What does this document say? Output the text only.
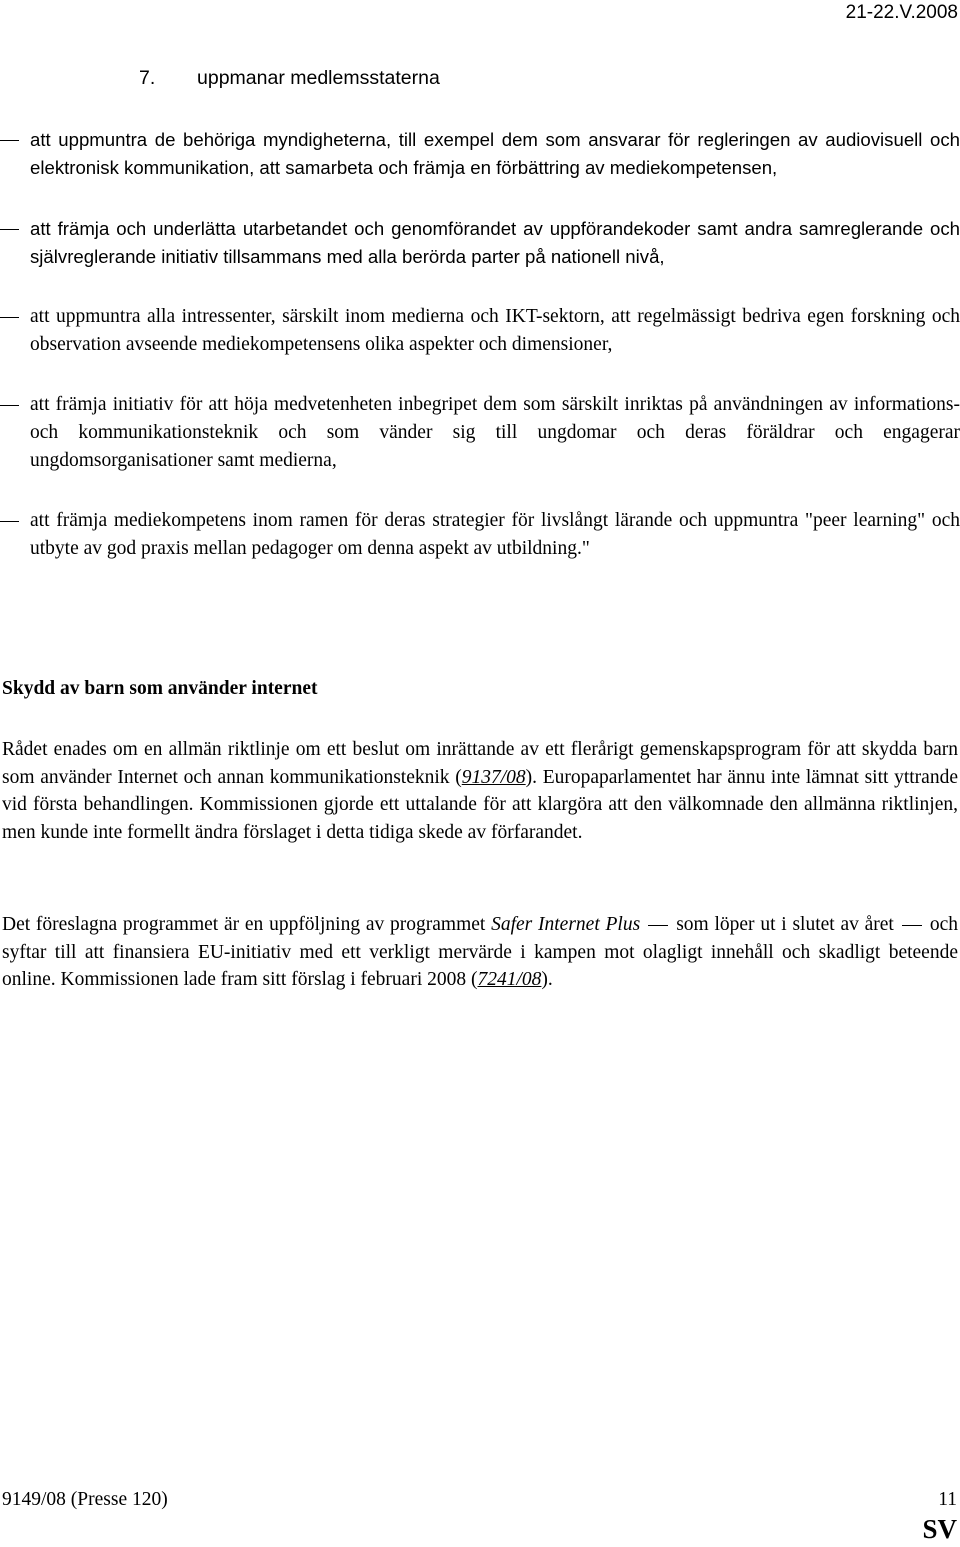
21-22.V.2008
7. uppmanar medlemsstaterna
att uppmuntra de behöriga myndigheterna, till exempel dem som ansvarar för regleringen av audiovisuell och elektronisk kommunikation, att samarbeta och främja en förbättring av mediekompetensen,
att främja och underlätta utarbetandet och genomförandet av uppförandekoder samt andra samreglerande och självreglerande initiativ tillsammans med alla berörda parter på nationell nivå,
att uppmuntra alla intressenter, särskilt inom medierna och IKT-sektorn, att regelmässigt bedriva egen forskning och observation avseende mediekompetensens olika aspekter och dimensioner,
att främja initiativ för att höja medvetenheten inbegripet dem som särskilt inriktas på användningen av informations- och kommunikationsteknik och som vänder sig till ungdomar och deras föräldrar och engagerar ungdomsorganisationer samt medierna,
att främja mediekompetens inom ramen för deras strategier för livslångt lärande och uppmuntra "peer learning" och utbyte av god praxis mellan pedagoger om denna aspekt av utbildning."
Skydd av barn som använder internet
Rådet enades om en allmän riktlinje om ett beslut om inrättande av ett flerårigt gemenskapsprogram för att skydda barn som använder Internet och annan kommunikationsteknik (9137/08). Europaparlamentet har ännu inte lämnat sitt yttrande vid första behandlingen. Kommissionen gjorde ett uttalande för att klargöra att den välkomnade den allmänna riktlinjen, men kunde inte formellt ändra förslaget i detta tidiga skede av förfarandet.
Det föreslagna programmet är en uppföljning av programmet Safer Internet Plus som löper ut i slutet av året och syftar till att finansiera EU-initiativ med ett verkligt mervärde i kampen mot olagligt innehåll och skadligt beteende online. Kommissionen lade fram sitt förslag i februari 2008 (7241/08).
9149/08 (Presse 120)	11
SV
